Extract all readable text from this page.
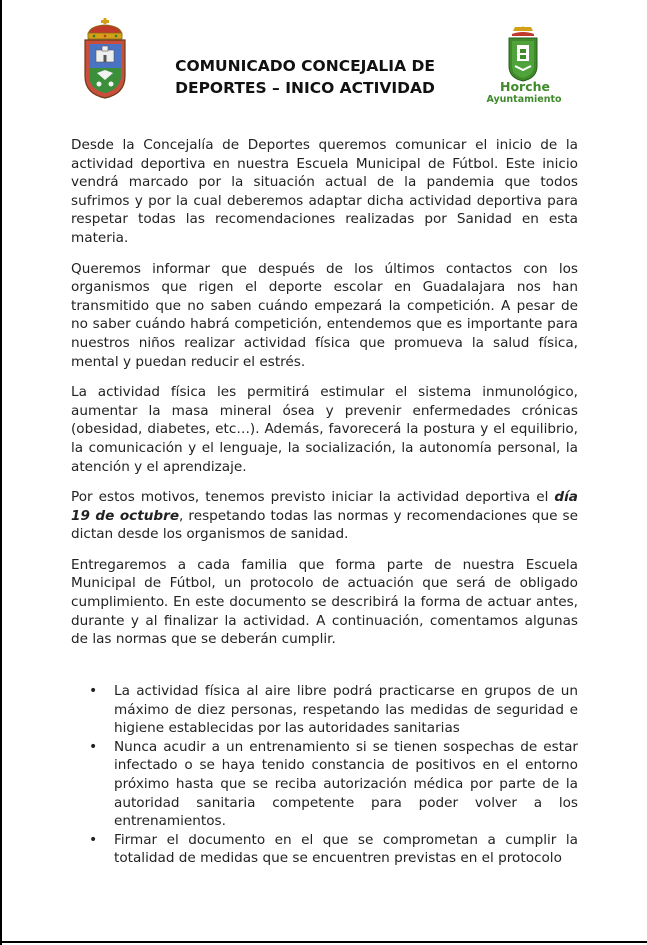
COMUNICADO CONCEJALIA DE
DEPORTES – INICO ACTIVIDAD	Horche
Ayuntamiento

Desde la Concejalía de Deportes queremos comunicar el inicio de la actividad deportiva en nuestra Escuela Municipal de Fútbol. Este inicio vendrá marcado por la situación actual de la pandemia que todos sufrimos y por la cual deberemos adaptar dicha actividad deportiva para respetar todas las recomendaciones realizadas por Sanidad en esta materia.

Queremos informar que después de los últimos contactos con los organismos que rigen el deporte escolar en Guadalajara nos han transmitido que no saben cuándo empezará la competición. A pesar de no saber cuándo habrá competición, entendemos que es importante para nuestros niños realizar actividad física que promueva la salud física, mental y puedan reducir el estrés.

La actividad física les permitirá estimular el sistema inmunológico, aumentar la masa mineral ósea y prevenir enfermedades crónicas (obesidad, diabetes, etc…). Además, favorecerá la postura y el equilibrio, la comunicación y el lenguaje, la socialización, la autonomía personal, la atención y el aprendizaje.

Por estos motivos, tenemos previsto iniciar la actividad deportiva el día 19 de octubre, respetando todas las normas y recomendaciones que se dictan desde los organismos de sanidad.

Entregaremos a cada familia que forma parte de nuestra Escuela Municipal de Fútbol, un protocolo de actuación que será de obligado cumplimiento. En este documento se describirá la forma de actuar antes, durante y al finalizar la actividad. A continuación, comentamos algunas de las normas que se deberán cumplir.

• La actividad física al aire libre podrá practicarse en grupos de un máximo de diez personas, respetando las medidas de seguridad e higiene establecidas por las autoridades sanitarias
• Nunca acudir a un entrenamiento si se tienen sospechas de estar infectado o se haya tenido constancia de positivos en el entorno próximo hasta que se reciba autorización médica por parte de la autoridad sanitaria competente para poder volver a los entrenamientos.
• Firmar el documento en el que se comprometan a cumplir la totalidad de medidas que se encuentren previstas en el protocolo
